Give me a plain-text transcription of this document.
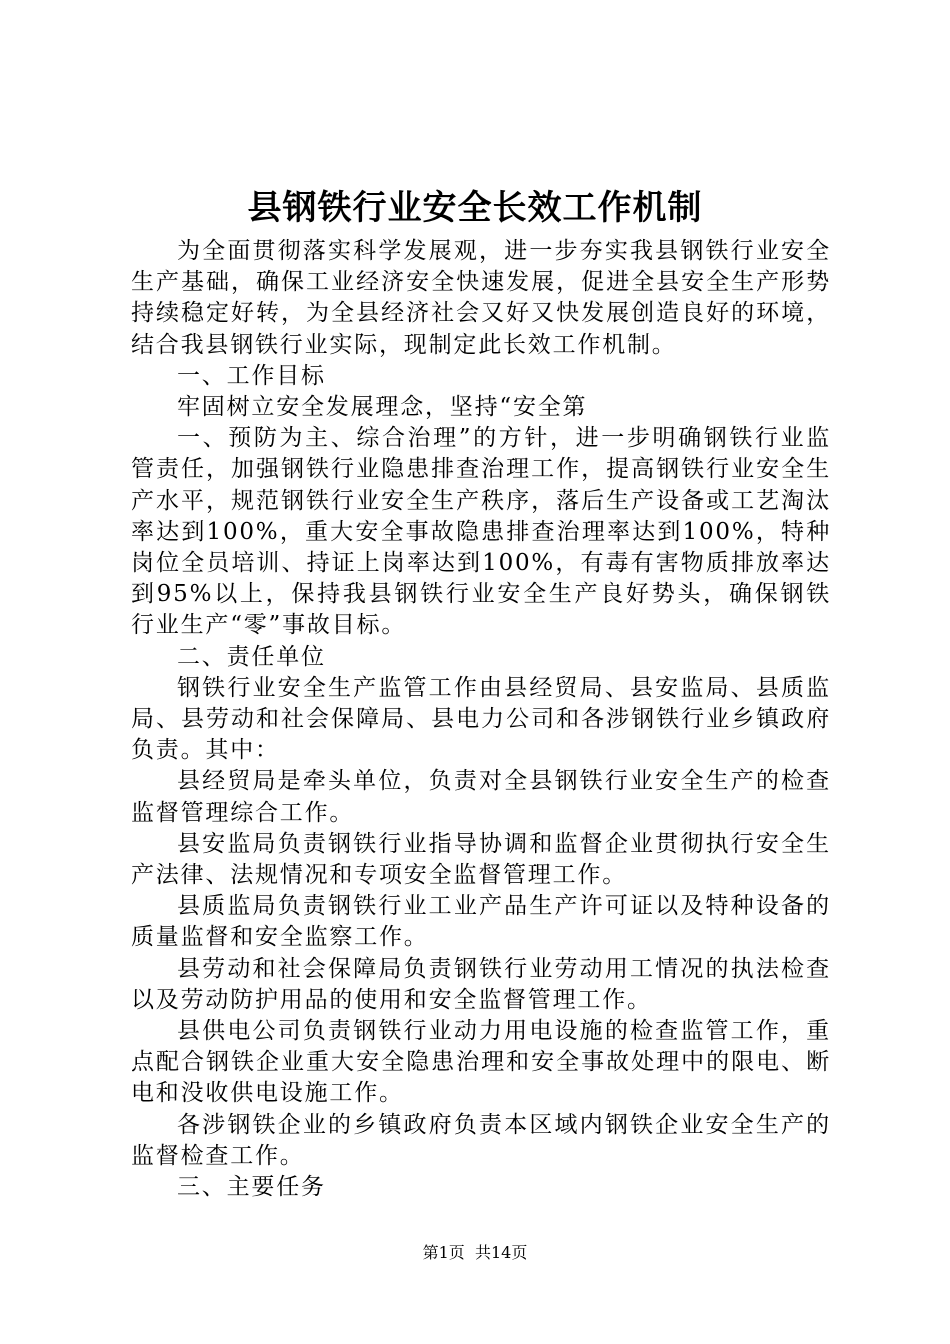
县钢铁行业安全长效工作机制

为全面贯彻落实科学发展观，进一步夯实我县钢铁行业安全生产基础，确保工业经济安全快速发展，促进全县安全生产形势持续稳定好转，为全县经济社会又好又快发展创造良好的环境，结合我县钢铁行业实际，现制定此长效工作机制。

一、工作目标

牢固树立安全发展理念，坚持“安全第

一、预防为主、综合治理”的方针，进一步明确钢铁行业监管责任，加强钢铁行业隐患排查治理工作，提高钢铁行业安全生产水平，规范钢铁行业安全生产秩序，落后生产设备或工艺淘汰率达到100%，重大安全事故隐患排查治理率达到100%，特种岗位全员培训、持证上岗率达到100%，有毒有害物质排放率达到95%以上，保持我县钢铁行业安全生产良好势头，确保钢铁行业生产“零”事故目标。

二、责任单位

钢铁行业安全生产监管工作由县经贸局、县安监局、县质监局、县劳动和社会保障局、县电力公司和各涉钢铁行业乡镇政府负责。其中：

县经贸局是牵头单位，负责对全县钢铁行业安全生产的检查监督管理综合工作。

县安监局负责钢铁行业指导协调和监督企业贯彻执行安全生产法律、法规情况和专项安全监督管理工作。

县质监局负责钢铁行业工业产品生产许可证以及特种设备的质量监督和安全监察工作。

县劳动和社会保障局负责钢铁行业劳动用工情况的执法检查以及劳动防护用品的使用和安全监督管理工作。

县供电公司负责钢铁行业动力用电设施的检查监管工作，重点配合钢铁企业重大安全隐患治理和安全事故处理中的限电、断电和没收供电设施工作。

各涉钢铁企业的乡镇政府负责本区域内钢铁企业安全生产的监督检查工作。

三、主要任务

第1页 共14页
